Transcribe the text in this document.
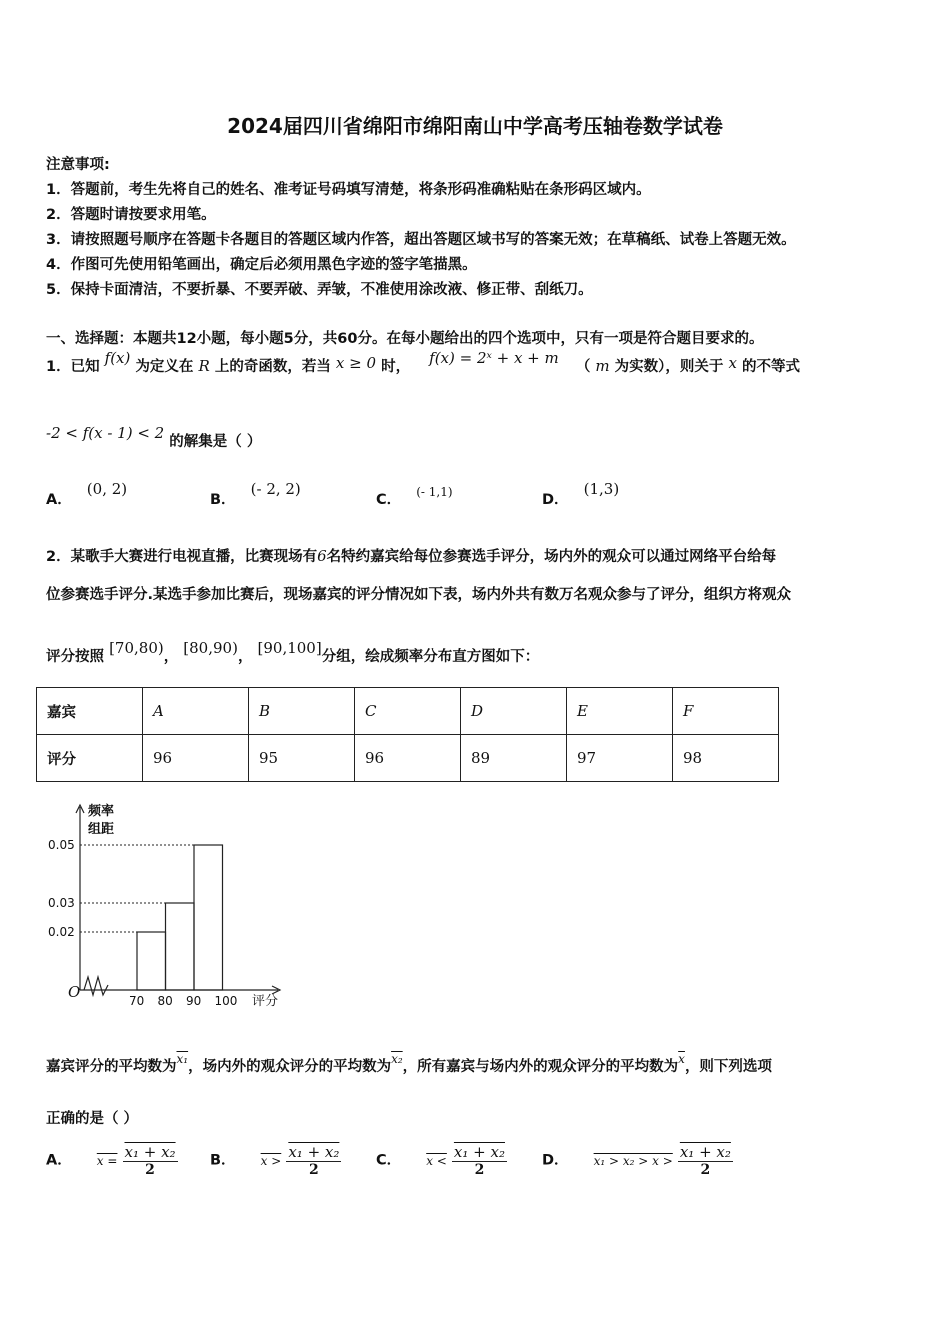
2024届四川省绵阳市绵阳南山中学高考压轴卷数学试卷
注意事项:
1．答题前，考生先将自己的姓名、准考证号码填写清楚，将条形码准确粘贴在条形码区域内。
2．答题时请按要求用笔。
3．请按照题号顺序在答题卡各题目的答题区域内作答，超出答题区域书写的答案无效；在草稿纸、试卷上答题无效。
4．作图可先使用铅笔画出，确定后必须用黑色字迹的签字笔描黑。
5．保持卡面清洁，不要折暴、不要弄破、弄皱，不准使用涂改液、修正带、刮纸刀。
一、选择题：本题共12小题，每小题5分，共60分。在每小题给出的四个选项中，只有一项是符合题目要求的。
1．已知 f(x) 为定义在 R 上的奇函数，若当 x ≥ 0 时， f(x) = 2ˣ + x + m （ m 为实数），则关于 x 的不等式
-2 < f(x - 1) < 2 的解集是（ ）
A． (0, 2)
B． (- 2, 2)
C． $^{(- 1,1)}$	D． (1,3)
2．某歌手大赛进行电视直播，比赛现场有6名特约嘉宾给每位参赛选手评分，场内外的观众可以通过网络平台给每
位参赛选手评分.某选手参加比赛后，现场嘉宾的评分情况如下表，场内外共有数万名观众参与了评分，组织方将观众
评分按照 [70,80)， [80,90)， [90,100]分组，绘成频率分布直方图如下：
嘉宾	A	B	C	D	E	F
评分	96	95	96	89	97	98
频率
组距
O
评分
70 80 90 100
0.05
0.03
0.02
嘉宾评分的平均数为$^{x_1}$，场内外的观众评分的平均数为$^{x_2}$，所有嘉宾与场内外的观众评分的平均数为$^{\overline{x}}$，则下列选项
正确的是（ ）
A． $x = \frac{\text{x₁ + x₂}}{2}$ B． $x > \frac{\text{x₁ + x₂}}{2}$ C． $x < \frac{\text{x₁ + x₂}}{2}$ D． $x_1 > x_2 > x > \frac{\text{x₁ + x₂}}{2}$
